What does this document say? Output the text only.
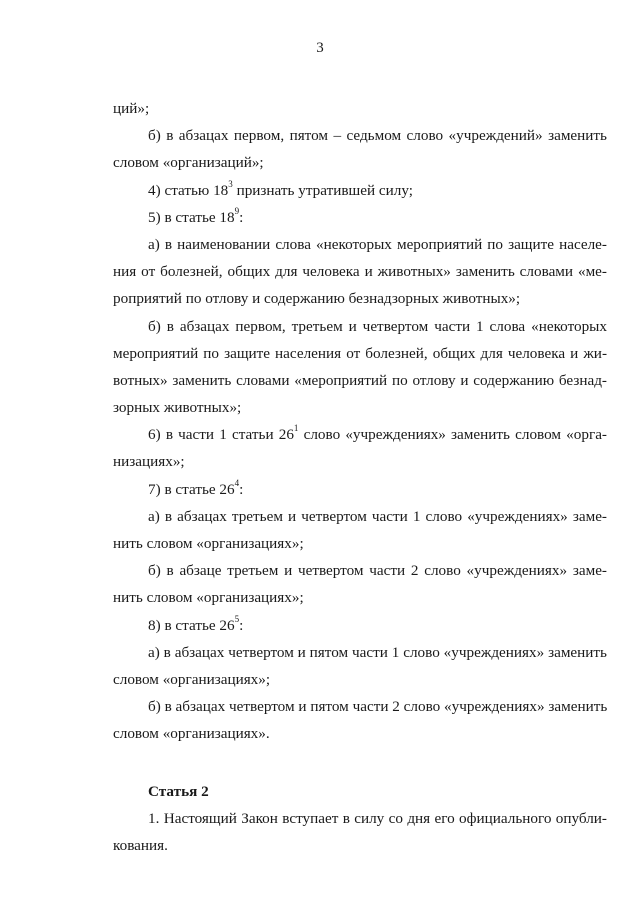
3
ций»;
б) в абзацах первом, пятом – седьмом слово «учреждений» заменить
словом «организаций»;
4) статью $18^3$ признать утратившей силу;
5) в статье $18^9$:
а) в наименовании слова «некоторых мероприятий по защите населе-
ния от болезней, общих для человека и животных» заменить словами «ме-
роприятий по отлову и содержанию безнадзорных животных»;
б) в абзацах первом, третьем и четвертом части 1 слова «некоторых
мероприятий по защите населения от болезней, общих для человека и жи-
вотных» заменить словами «мероприятий по отлову и содержанию безнад-
зорных животных»;
6) в части 1 статьи $26^1$ слово «учреждениях» заменить словом «орга-
низациях»;
7) в статье $26^4$:
а) в абзацах третьем и четвертом части 1 слово «учреждениях» заме-
нить словом «организациях»;
б) в абзаце третьем и четвертом части 2 слово «учреждениях» заме-
нить словом «организациях»;
8) в статье $26^5$:
а) в абзацах четвертом и пятом части 1 слово «учреждениях» заменить
словом «организациях»;
б) в абзацах четвертом и пятом части 2 слово «учреждениях» заменить
словом «организациях».
Статья 2
1. Настоящий Закон вступает в силу со дня его официального опубли-
кования.
